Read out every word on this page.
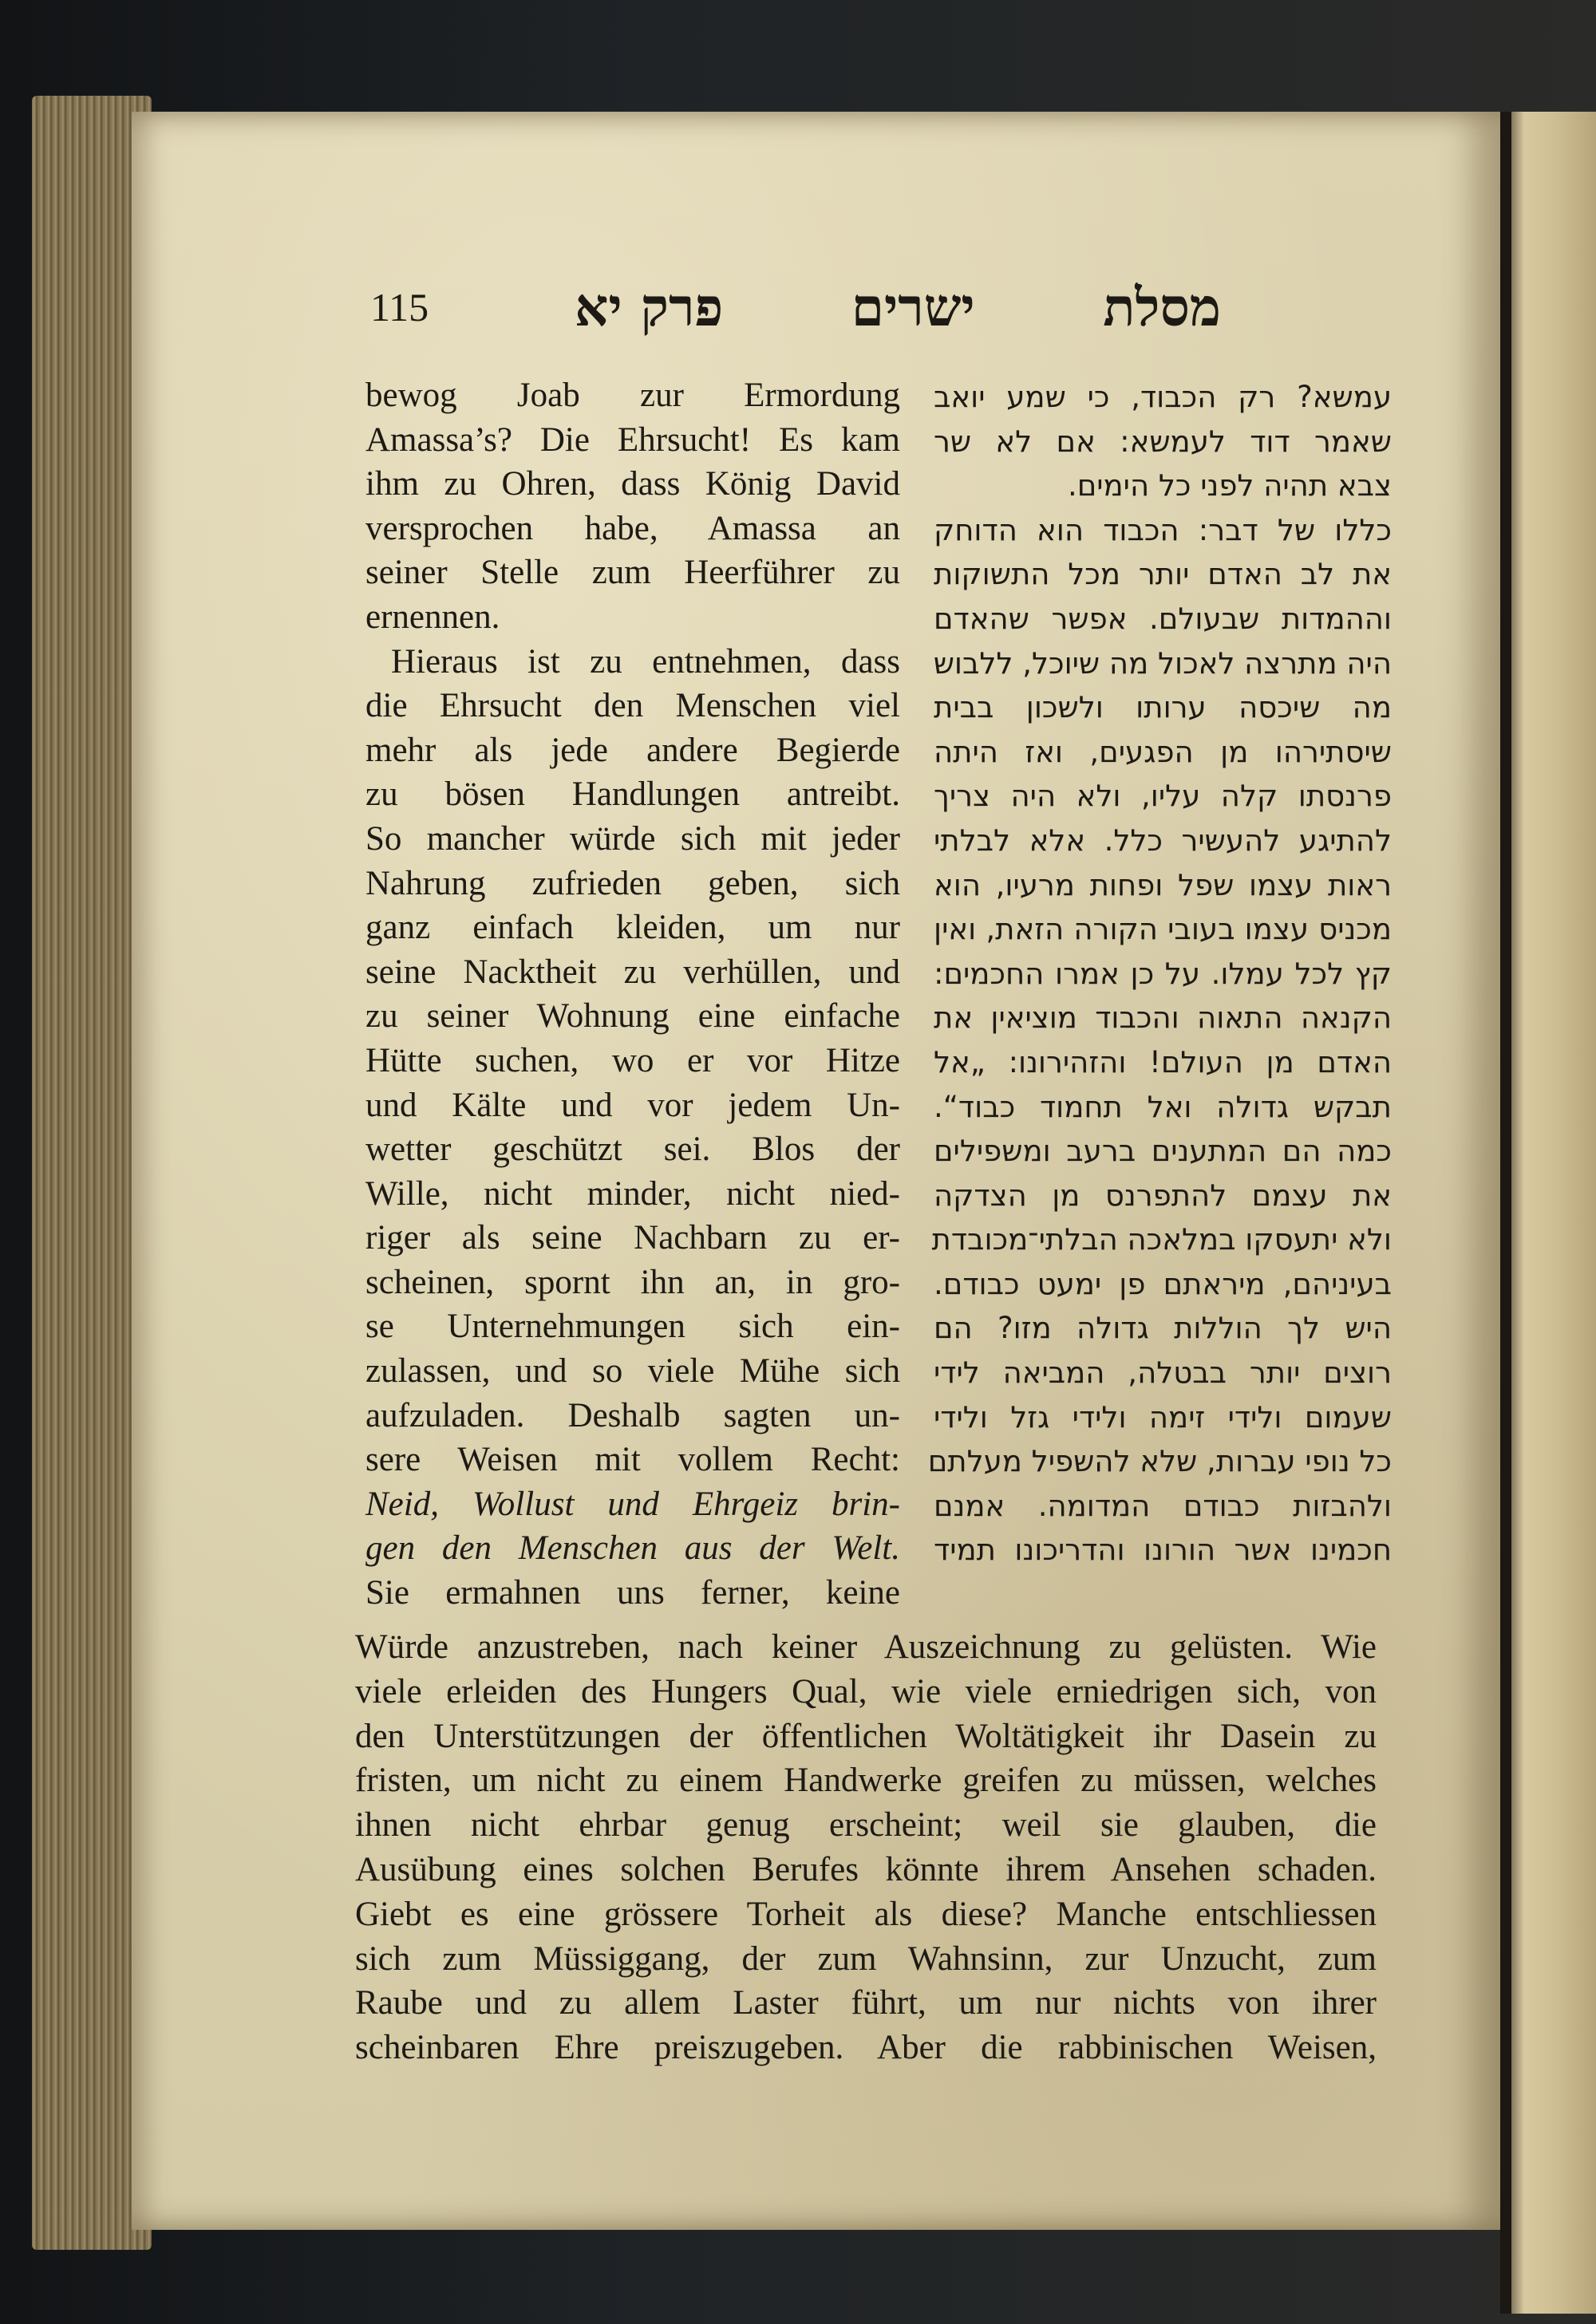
115	מסלת
ישרים
פרק יא
bewog Joab zur Ermordung
Amassa’s? Die Ehrsucht! Es kam
ihm zu Ohren, dass König David
versprochen habe, Amassa an
seiner Stelle zum Heerführer zu
ernennen.
Hieraus ist zu entnehmen, dass
die Ehrsucht den Menschen viel
mehr als jede andere Begierde
zu bösen Handlungen antreibt.
So mancher würde sich mit jeder
Nahrung zufrieden geben, sich
ganz einfach kleiden, um nur
seine Nacktheit zu verhüllen, und
zu seiner Wohnung eine einfache
Hütte suchen, wo er vor Hitze
und Kälte und vor jedem Un-
wetter geschützt sei. Blos der
Wille, nicht minder, nicht nied-
riger als seine Nachbarn zu er-
scheinen, spornt ihn an, in gro-
se Unternehmungen sich ein-
zulassen, und so viele Mühe sich
aufzuladen. Deshalb sagten un-
sere Weisen mit vollem Recht:
Neid, Wollust und Ehrgeiz brin-
gen den Menschen aus der Welt.
Sie ermahnen uns ferner, keine
עמשא? רק הכבוד, כי שמע יואב
שאמר דוד לעמשא: אם לא שר
צבא תהיה לפני כל הימים.
כללו של דבר: הכבוד הוא הדוחק
את לב האדם יותר מכל התשוקות
וההמדות שבעולם. אפשר שהאדם
היה מתרצה לאכול מה שיוכל, ללבוש
מה שיכסה ערותו ולשכון בבית
שיסתירהו מן הפגעים, ואז היתה
פרנסתו קלה עליו, ולא היה צריך
להתיגע להעשיר כלל. אלא לבלתי
ראות עצמו שפל ופחות מרעיו, הוא
מכניס עצמו בעובי הקורה הזאת, ואין
קץ לכל עמלו. על כן אמרו החכמים:
הקנאה התאוה והכבוד מוציאין את
האדם מן העולם! והזהירונו: „אל
תבקש גדולה ואל תחמוד כבוד“.
כמה הם המתענים ברעב ומשפילים
את עצמם להתפרנס מן הצדקה
ולא יתעסקו במלאכה הבלתי־מכובדת
בעיניהם, מיראתם פן ימעט כבודם.
היש לך הוללות גדולה מזו? הם
רוצים יותר בבטלה, המביאה לידי
שעמום ולידי זימה ולידי גזל ולידי
כל נופי עברות, שלא להשפיל מעלתם
ולהבזות כבודם המדומה. אמנם
חכמינו אשר הורונו והדריכונו תמיד
Würde anzustreben, nach keiner Auszeichnung zu gelüsten. Wie
viele erleiden des Hungers Qual, wie viele erniedrigen sich, von
den Unterstützungen der öffentlichen Woltätigkeit ihr Dasein zu
fristen, um nicht zu einem Handwerke greifen zu müssen, welches
ihnen nicht ehrbar genug erscheint; weil sie glauben, die
Ausübung eines solchen Berufes könnte ihrem Ansehen schaden.
Giebt es eine grössere Torheit als diese? Manche entschliessen
sich zum Müssiggang, der zum Wahnsinn, zur Unzucht, zum
Raube und zu allem Laster führt, um nur nichts von ihrer
scheinbaren Ehre preiszugeben. Aber die rabbinischen Weisen,
